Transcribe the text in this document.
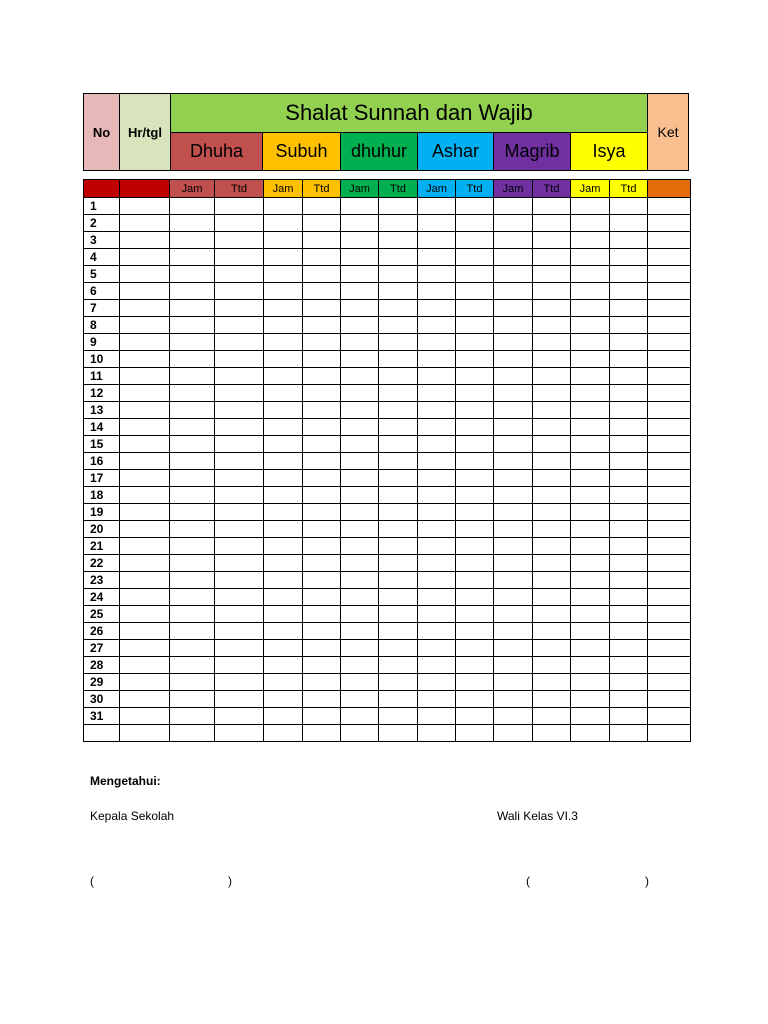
No Hr/tgl
Shalat Sunnah dan Wajib
Ket
Dhuha Subuh dhuhur Ashar Magrib Isya
		Jam	Ttd	Jam	Ttd	Jam	Ttd	Jam	Ttd	Jam	Ttd	Jam	Ttd	
1														
2														
3														
4														
5														
6														
7														
8														
9														
10														
11														
12														
13														
14														
15														
16														
17														
18														
19														
20														
21														
22														
23														
24														
25														
26														
27														
28														
29														
30														
31														

Mengetahui:
Kepala Sekolah	Wali Kelas VI.3
(	)	(	)
